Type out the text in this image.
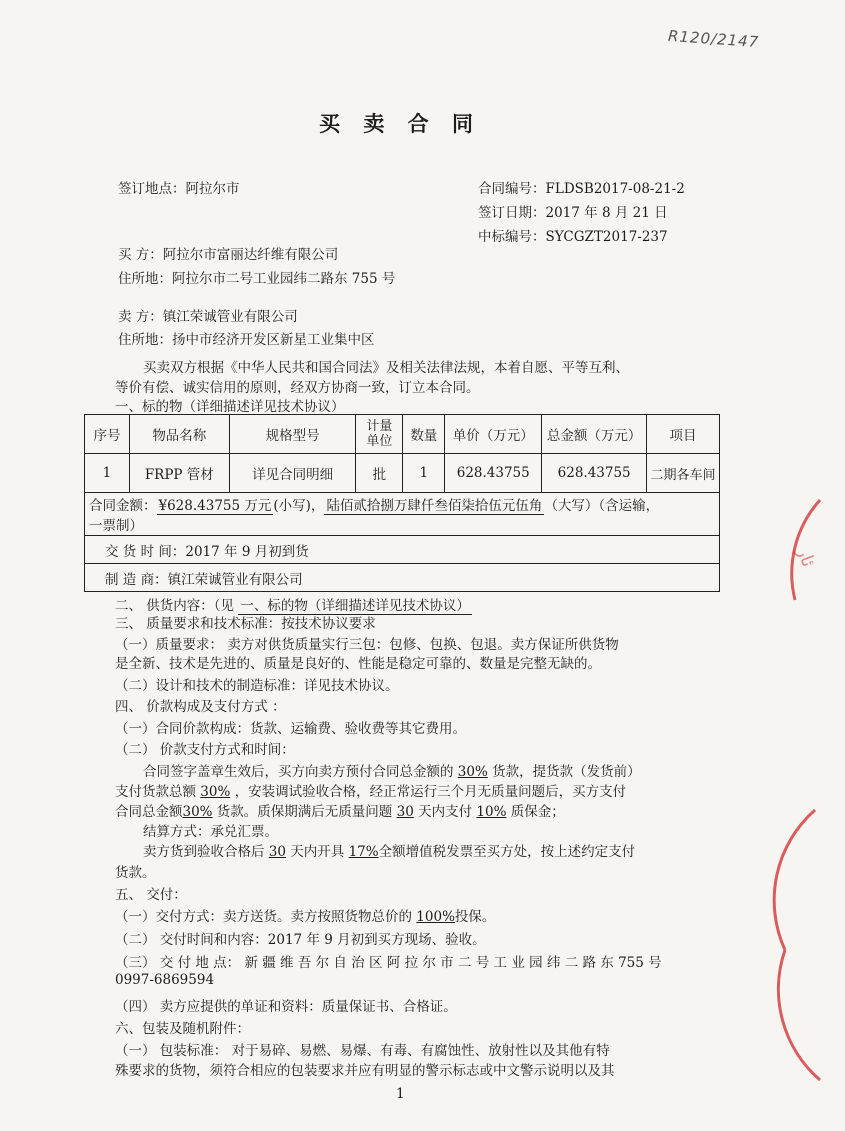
R120/2147
买 卖 合 同
签订地点：阿拉尔市	合同编号：FLDSB2017-08-21-2
签订日期：2017 年 8 月 21 日
中标编号：SYCGZT2017-237
买 方：阿拉尔市富丽达纤维有限公司
住所地：阿拉尔市二号工业园纬二路东 755 号
卖 方：镇江荣诚管业有限公司
住所地：扬中市经济开发区新星工业集中区
买卖双方根据《中华人民共和国合同法》及相关法律法规，本着自愿、平等互利、
等价有偿、诚实信用的原则，经双方协商一致，订立本合同。
一、标的物（详细描述详见技术协议）
序号	物品名称	规格型号	计量单位	数量	单价（万元）	总金额（万元）	项目
1	FRPP 管材	详见合同明细	批	1	628.43755	628.43755	二期各车间
合同金额： ¥628.43755 万元 (小写)， 陆佰贰拾捌万肆仟叁佰柒拾伍元伍角 （大写）（含运输，
一票制）
交 货 时 间：2017 年 9 月初到货
制 造 商：镇江荣诚管业有限公司
二、 供货内容：（见 一、标的物（详细描述详见技术协议）
三、 质量要求和技术标准：按技术协议要求
（一）质量要求： 卖方对供货质量实行三包：包修、包换、包退。卖方保证所供货物
是全新、技术是先进的、质量是良好的、性能是稳定可靠的、数量是完整无缺的。
（二）设计和技术的制造标准：详见技术协议。
四、 价款构成及支付方式 ：
（一）合同价款构成：货款、运输费、验收费等其它费用。
（二） 价款支付方式和时间：
合同签字盖章生效后，买方向卖方预付合同总金额的 30% 货款，提货款（发货前）
支付货款总额 30% ，安装调试验收合格，经正常运行三个月无质量问题后，买方支付
合同总金额30% 货款。质保期满后无质量问题 30 天内支付 10% 质保金；
结算方式：承兑汇票。
卖方货到验收合格后 30 天内开具 17%全额增值税发票至买方处，按上述约定支付
货款。
五、 交付：
（一）交付方式：卖方送货。卖方按照货物总价的 100%投保。
（二） 交付时间和内容：2017 年 9 月初到买方现场、验收。
（三） 交 付 地 点： 新 疆 维 吾 尔 自 治 区 阿 拉 尔 市 二 号 工 业 园 纬 二 路 东 755 号
0997-6869594
（四） 卖方应提供的单证和资料：质量保证书、合格证。
六、包装及随机附件：
（一） 包装标准： 对于易碎、易燃、易爆、有毒、有腐蚀性、放射性以及其他有特
殊要求的货物，须符合相应的包装要求并应有明显的警示标志或中文警示说明以及其
1
ﺋﺎﺭ
